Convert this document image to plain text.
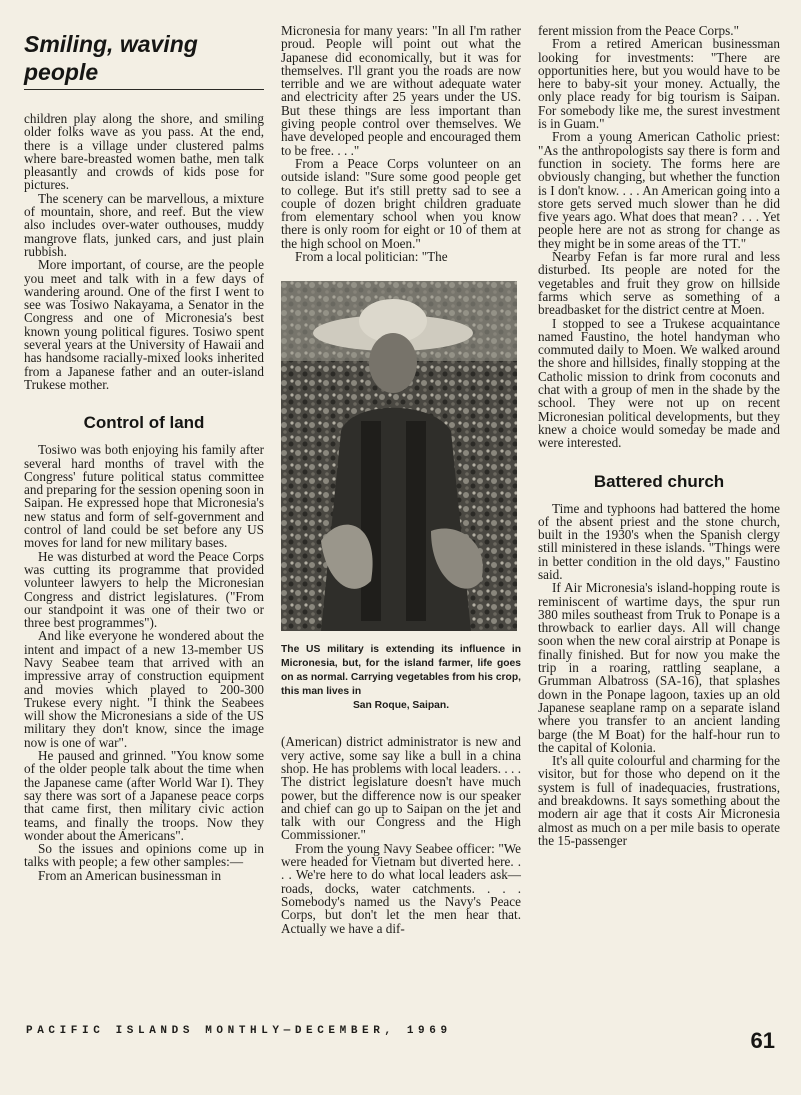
Smiling, waving people

children play along the shore, and smiling older folks wave as you pass. At the end, there is a village under clustered palms where bare-breasted women bathe, men talk pleasantly and crowds of kids pose for pictures.

The scenery can be marvellous, a mixture of mountain, shore, and reef. But the view also includes over-water outhouses, muddy mangrove flats, junked cars, and just plain rubbish.

More important, of course, are the people you meet and talk with in a few days of wandering around. One of the first I went to see was Tosiwo Nakayama, a Senator in the Congress and one of Micronesia's best known young political figures. Tosiwo spent several years at the University of Hawaii and has handsome racially-mixed looks inherited from a Japanese father and an outer-island Trukese mother.

Control of land

Tosiwo was both enjoying his family after several hard months of travel with the Congress' future political status committee and preparing for the session opening soon in Saipan. He expressed hope that Micronesia's new status and form of self-government and control of land could be set before any US moves for land for new military bases.

He was disturbed at word the Peace Corps was cutting its programme that provided volunteer lawyers to help the Micronesian Congress and district legislatures. ("From our standpoint it was one of their two or three best programmes").

And like everyone he wondered about the intent and impact of a new 13-member US Navy Seabee team that arrived with an impressive array of construction equipment and movies which played to 200-300 Trukese every night. "I think the Seabees will show the Micronesians a side of the US military they don't know, since the image now is one of war".

He paused and grinned. "You know some of the older people talk about the time when the Japanese came (after World War I). They say there was sort of a Japanese peace corps that came first, then military civic action teams, and finally the troops. Now they wonder about the Americans".

So the issues and opinions come up in talks with people; a few other samples:—

From an American businessman in

Micronesia for many years: "In all I'm rather proud. People will point out what the Japanese did economically, but it was for themselves. I'll grant you the roads are now terrible and we are without adequate water and electricity after 25 years under the US. But these things are less important than giving people control over themselves. We have developed people and encouraged them to be free. . . ."

From a Peace Corps volunteer on an outside island: "Sure some good people get to college. But it's still pretty sad to see a couple of dozen bright children graduate from elementary school when you know there is only room for eight or 10 of them at the high school on Moen."

From a local politician: "The

The US military is extending its influence in Micronesia, but, for the island farmer, life goes on as normal. Carrying vegetables from his crop, this man lives in
San Roque, Saipan.

(American) district administrator is new and very active, some say like a bull in a china shop. He has problems with local leaders. . . . The district legislature doesn't have much power, but the difference now is our speaker and chief can go up to Saipan on the jet and talk with our Congress and the High Commissioner."

From the young Navy Seabee officer: "We were headed for Vietnam but diverted here. . . . We're here to do what local leaders ask—roads, docks, water catchments. . . . Somebody's named us the Navy's Peace Corps, but don't let the men hear that. Actually we have a dif-

ferent mission from the Peace Corps."

From a retired American businessman looking for investments: "There are opportunities here, but you would have to be here to baby-sit your money. Actually, the only place ready for big tourism is Saipan. For somebody like me, the surest investment is in Guam."

From a young American Catholic priest: "As the anthropologists say there is form and function in society. The forms here are obviously changing, but whether the function is I don't know. . . . An American going into a store gets served much slower than he did five years ago. What does that mean? . . . Yet people here are not as strong for change as they might be in some areas of the TT."

Nearby Fefan is far more rural and less disturbed. Its people are noted for the vegetables and fruit they grow on hillside farms which serve as something of a breadbasket for the district centre at Moen.

I stopped to see a Trukese acquaintance named Faustino, the hotel handyman who commuted daily to Moen. We walked around the shore and hillsides, finally stopping at the Catholic mission to drink from coconuts and chat with a group of men in the shade by the school. They were not up on recent Micronesian political developments, but they knew a choice would someday be made and were interested.

Battered church

Time and typhoons had battered the home of the absent priest and the stone church, built in the 1930's when the Spanish clergy still ministered in these islands. "Things were in better condition in the old days," Faustino said.

If Air Micronesia's island-hopping route is reminiscent of wartime days, the spur run 380 miles southeast from Truk to Ponape is a throwback to earlier days. All will change soon when the new coral airstrip at Ponape is finally finished. But for now you make the trip in a roaring, rattling seaplane, a Grumman Albatross (SA-16), that splashes down in the Ponape lagoon, taxies up an old Japanese seaplane ramp on a separate island where you transfer to an ancient landing barge (the M Boat) for the half-hour run to the capital of Kolonia.

It's all quite colourful and charming for the visitor, but for those who depend on it the system is full of inadequacies, frustrations, and breakdowns. It says something about the modern air age that it costs Air Micronesia almost as much on a per mile basis to operate the 15-passenger

PACIFIC ISLANDS MONTHLY—DECEMBER, 1969	61
